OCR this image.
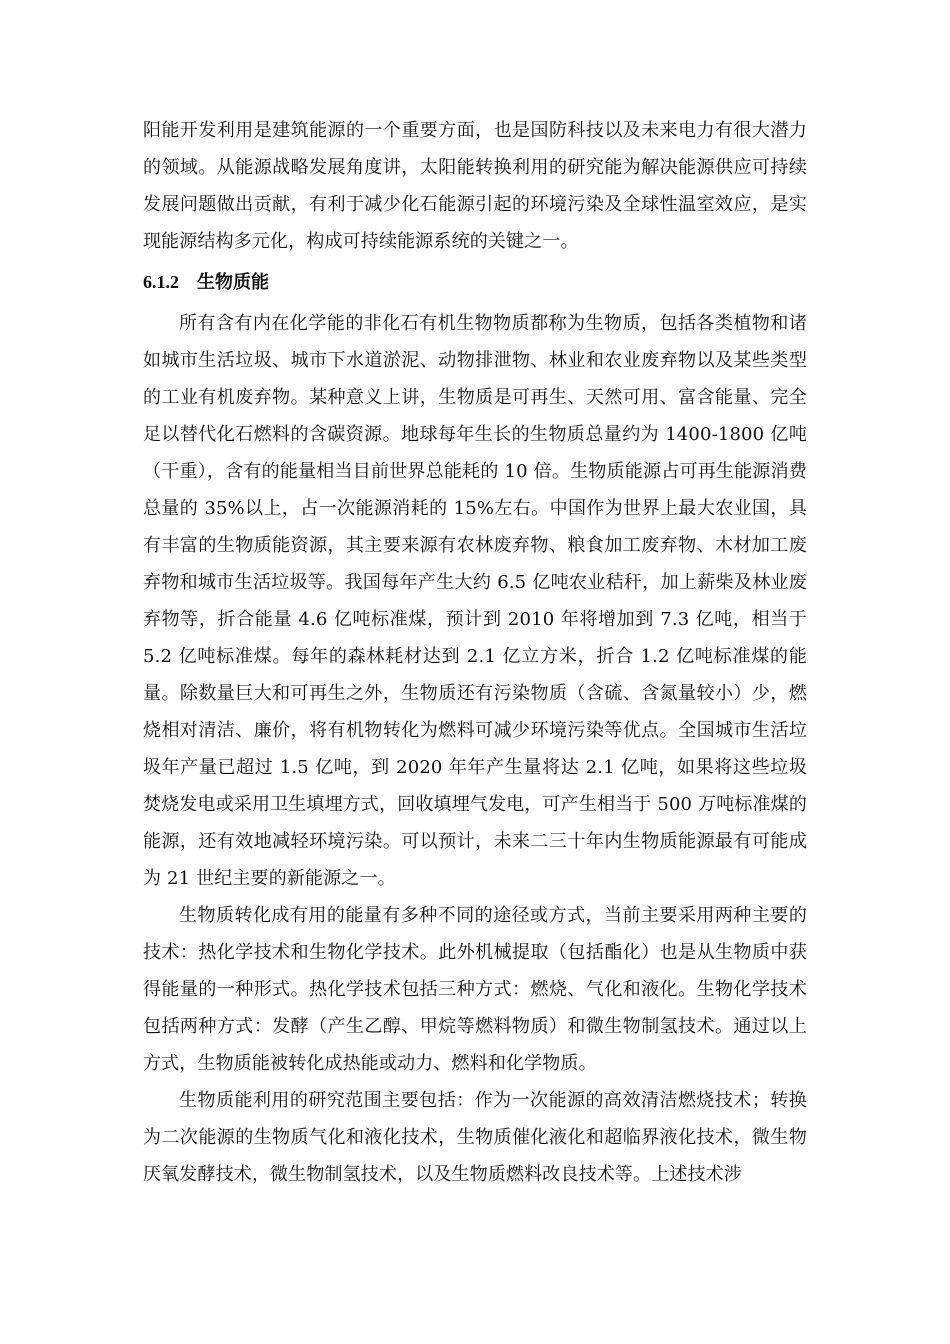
阳能开发利用是建筑能源的一个重要方面，也是国防科技以及未来电力有很大潜力的领域。从能源战略发展角度讲，太阳能转换利用的研究能为解决能源供应可持续发展问题做出贡献，有利于减少化石能源引起的环境污染及全球性温室效应，是实现能源结构多元化，构成可持续能源系统的关键之一。

6.1.2 生物质能

所有含有内在化学能的非化石有机生物物质都称为生物质，包括各类植物和诸如城市生活垃圾、城市下水道淤泥、动物排泄物、林业和农业废弃物以及某些类型的工业有机废弃物。某种意义上讲，生物质是可再生、天然可用、富含能量、完全足以替代化石燃料的含碳资源。地球每年生长的生物质总量约为 1400-1800 亿吨（干重），含有的能量相当目前世界总能耗的 10 倍。生物质能源占可再生能源消费总量的 35%以上，占一次能源消耗的 15%左右。中国作为世界上最大农业国，具有丰富的生物质能资源，其主要来源有农林废弃物、粮食加工废弃物、木材加工废弃物和城市生活垃圾等。我国每年产生大约 6.5 亿吨农业秸秆，加上薪柴及林业废弃物等，折合能量 4.6 亿吨标准煤，预计到 2010 年将增加到 7.3 亿吨，相当于 5.2 亿吨标准煤。每年的森林耗材达到 2.1 亿立方米，折合 1.2 亿吨标准煤的能量。除数量巨大和可再生之外，生物质还有污染物质（含硫、含氮量较小）少，燃烧相对清洁、廉价，将有机物转化为燃料可减少环境污染等优点。全国城市生活垃圾年产量已超过 1.5 亿吨，到 2020 年年产生量将达 2.1 亿吨，如果将这些垃圾焚烧发电或采用卫生填埋方式，回收填埋气发电，可产生相当于 500 万吨标准煤的能源，还有效地减轻环境污染。可以预计，未来二三十年内生物质能源最有可能成为 21 世纪主要的新能源之一。

生物质转化成有用的能量有多种不同的途径或方式，当前主要采用两种主要的技术：热化学技术和生物化学技术。此外机械提取（包括酯化）也是从生物质中获得能量的一种形式。热化学技术包括三种方式：燃烧、气化和液化。生物化学技术包括两种方式：发酵（产生乙醇、甲烷等燃料物质）和微生物制氢技术。通过以上方式，生物质能被转化成热能或动力、燃料和化学物质。

生物质能利用的研究范围主要包括：作为一次能源的高效清洁燃烧技术；转换为二次能源的生物质气化和液化技术，生物质催化液化和超临界液化技术，微生物厌氧发酵技术，微生物制氢技术，以及生物质燃料改良技术等。上述技术涉
